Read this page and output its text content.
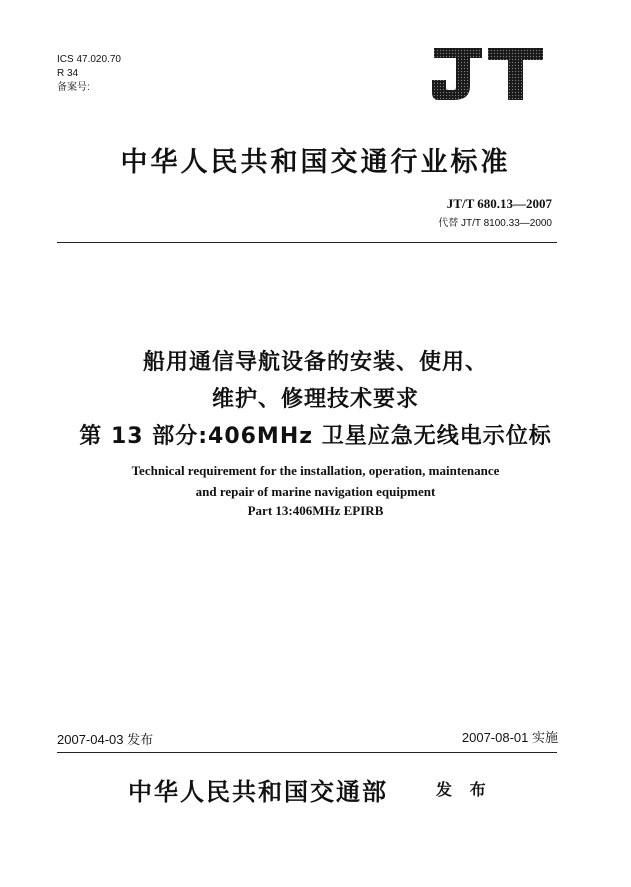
ICS 47.020.70
R 34
备案号:
中华人民共和国交通行业标准
JT/T 680.13—2007
代替 JT/T 8100.33—2000
船用通信导航设备的安装、使用、
维护、修理技术要求
第 13 部分:406MHz 卫星应急无线电示位标
Technical requirement for the installation, operation, maintenance
and repair of marine navigation equipment
Part 13:406MHz EPIRB
2007-04-03 发布	2007-08-01 实施
中华人民共和国交通部	发 布
